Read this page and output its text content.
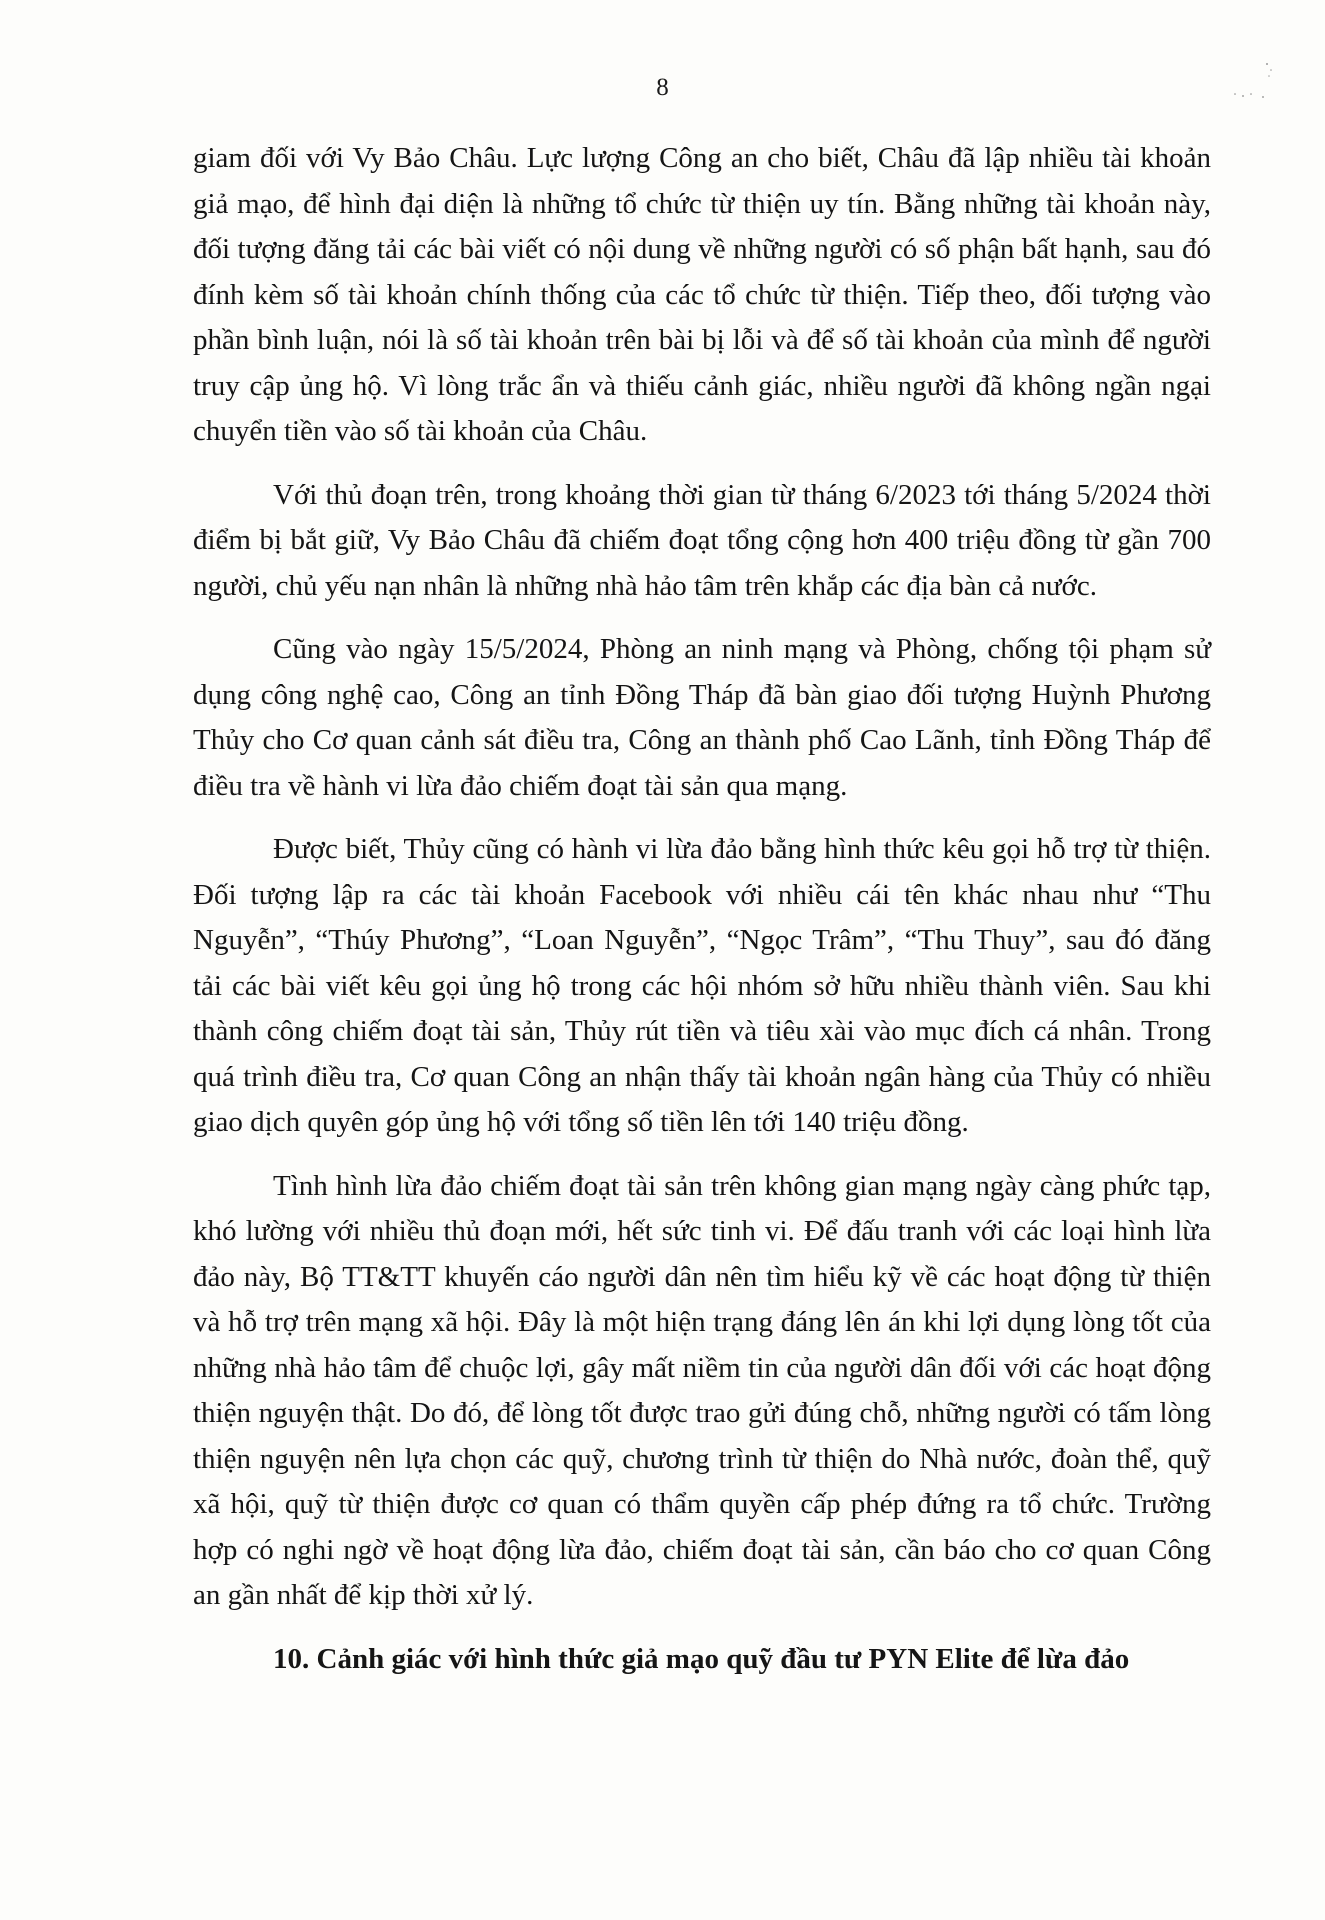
8

giam đối với Vy Bảo Châu. Lực lượng Công an cho biết, Châu đã lập nhiều tài khoản giả mạo, để hình đại diện là những tổ chức từ thiện uy tín. Bằng những tài khoản này, đối tượng đăng tải các bài viết có nội dung về những người có số phận bất hạnh, sau đó đính kèm số tài khoản chính thống của các tổ chức từ thiện. Tiếp theo, đối tượng vào phần bình luận, nói là số tài khoản trên bài bị lỗi và để số tài khoản của mình để người truy cập ủng hộ. Vì lòng trắc ẩn và thiếu cảnh giác, nhiều người đã không ngần ngại chuyển tiền vào số tài khoản của Châu.

Với thủ đoạn trên, trong khoảng thời gian từ tháng 6/2023 tới tháng 5/2024 thời điểm bị bắt giữ, Vy Bảo Châu đã chiếm đoạt tổng cộng hơn 400 triệu đồng từ gần 700 người, chủ yếu nạn nhân là những nhà hảo tâm trên khắp các địa bàn cả nước.

Cũng vào ngày 15/5/2024, Phòng an ninh mạng và Phòng, chống tội phạm sử dụng công nghệ cao, Công an tỉnh Đồng Tháp đã bàn giao đối tượng Huỳnh Phương Thủy cho Cơ quan cảnh sát điều tra, Công an thành phố Cao Lãnh, tỉnh Đồng Tháp để điều tra về hành vi lừa đảo chiếm đoạt tài sản qua mạng.

Được biết, Thủy cũng có hành vi lừa đảo bằng hình thức kêu gọi hỗ trợ từ thiện. Đối tượng lập ra các tài khoản Facebook với nhiều cái tên khác nhau như “Thu Nguyễn”, “Thúy Phương”, “Loan Nguyễn”, “Ngọc Trâm”, “Thu Thuy”, sau đó đăng tải các bài viết kêu gọi ủng hộ trong các hội nhóm sở hữu nhiều thành viên. Sau khi thành công chiếm đoạt tài sản, Thủy rút tiền và tiêu xài vào mục đích cá nhân. Trong quá trình điều tra, Cơ quan Công an nhận thấy tài khoản ngân hàng của Thủy có nhiều giao dịch quyên góp ủng hộ với tổng số tiền lên tới 140 triệu đồng.

Tình hình lừa đảo chiếm đoạt tài sản trên không gian mạng ngày càng phức tạp, khó lường với nhiều thủ đoạn mới, hết sức tinh vi. Để đấu tranh với các loại hình lừa đảo này, Bộ TT&TT khuyến cáo người dân nên tìm hiểu kỹ về các hoạt động từ thiện và hỗ trợ trên mạng xã hội. Đây là một hiện trạng đáng lên án khi lợi dụng lòng tốt của những nhà hảo tâm để chuộc lợi, gây mất niềm tin của người dân đối với các hoạt động thiện nguyện thật. Do đó, để lòng tốt được trao gửi đúng chỗ, những người có tấm lòng thiện nguyện nên lựa chọn các quỹ, chương trình từ thiện do Nhà nước, đoàn thể, quỹ xã hội, quỹ từ thiện được cơ quan có thẩm quyền cấp phép đứng ra tổ chức. Trường hợp có nghi ngờ về hoạt động lừa đảo, chiếm đoạt tài sản, cần báo cho cơ quan Công an gần nhất để kịp thời xử lý.

10. Cảnh giác với hình thức giả mạo quỹ đầu tư PYN Elite để lừa đảo
